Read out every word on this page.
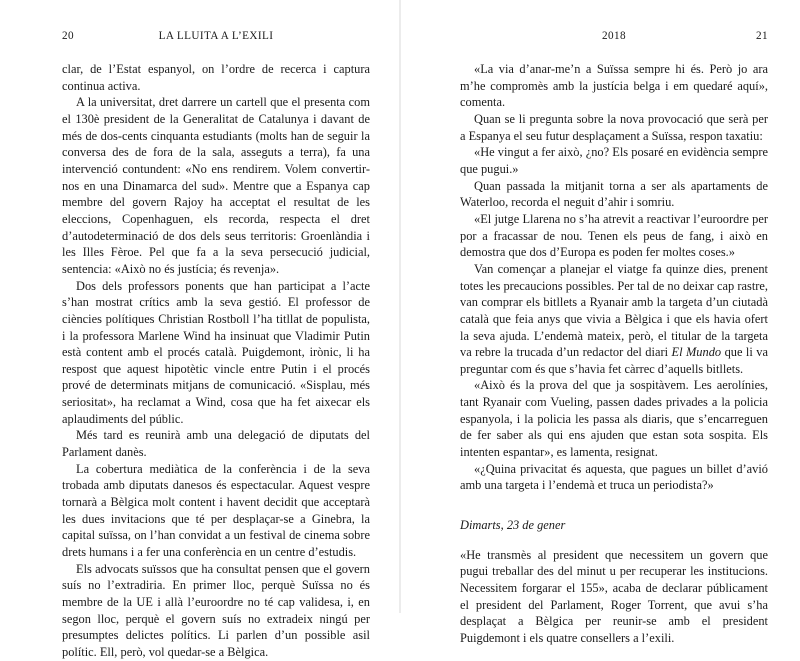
20	LA LLUITA A L’EXILI

clar, de l’Estat espanyol, on l’ordre de recerca i captura continua activa.

A la universitat, dret darrere un cartell que el presenta com el 130è president de la Generalitat de Catalunya i davant de més de dos-cents cinquanta estudiants (molts han de seguir la conversa des de fora de la sala, asseguts a terra), fa una intervenció contundent: «No ens rendirem. Volem convertir-nos en una Dinamarca del sud». Mentre que a Espanya cap membre del govern Rajoy ha acceptat el resultat de les eleccions, Copenhaguen, els recorda, respecta el dret d’autodeterminació de dos dels seus territoris: Groenlàndia i les Illes Fèroe. Pel que fa a la seva persecució judicial, sentencia: «Això no és justícia; és revenja».

Dos dels professors ponents que han participat a l’acte s’han mostrat crítics amb la seva gestió. El professor de ciències polítiques Christian Rostboll l’ha titllat de populista, i la professora Marlene Wind ha insinuat que Vladimir Putin està content amb el procés català. Puigdemont, irònic, li ha respost que aquest hipotètic vincle entre Putin i el procés prové de determinats mitjans de comunicació. «Sisplau, més seriositat», ha reclamat a Wind, cosa que ha fet aixecar els aplaudiments del públic.

Més tard es reunirà amb una delegació de diputats del Parlament danès.

La cobertura mediàtica de la conferència i de la seva trobada amb diputats danesos és espectacular. Aquest vespre tornarà a Bèlgica molt content i havent decidit que acceptarà les dues invitacions que té per desplaçar-se a Ginebra, la capital suïssa, on l’han convidat a un festival de cinema sobre drets humans i a fer una conferència en un centre d’estudis.

Els advocats suïssos que ha consultat pensen que el govern suís no l’extradiria. En primer lloc, perquè Suïssa no és membre de la UE i allà l’euroordre no té cap validesa, i, en segon lloc, perquè el govern suís no extradeix ningú per presumptes delictes polítics. Li parlen d’un possible asil polític. Ell, però, vol quedar-se a Bèlgica.

2018	21

«La via d’anar-me’n a Suïssa sempre hi és. Però jo ara m’he compromès amb la justícia belga i em quedaré aquí», comenta.

Quan se li pregunta sobre la nova provocació que serà per a Espanya el seu futur desplaçament a Suïssa, respon taxatiu:

«He vingut a fer això, ¿no? Els posaré en evidència sempre que pugui.»

Quan passada la mitjanit torna a ser als apartaments de Waterloo, recorda el neguit d’ahir i somriu.

«El jutge Llarena no s’ha atrevit a reactivar l’euroordre per por a fracassar de nou. Tenen els peus de fang, i això en demostra que dos d’Europa es poden fer moltes coses.»

Van començar a planejar el viatge fa quinze dies, prenent totes les precaucions possibles. Per tal de no deixar cap rastre, van comprar els bitllets a Ryanair amb la targeta d’un ciutadà català que feia anys que vivia a Bèlgica i que els havia ofert la seva ajuda. L’endemà mateix, però, el titular de la targeta va rebre la trucada d’un redactor del diari El Mundo que li va preguntar com és que s’havia fet càrrec d’aquells bitllets.

«Això és la prova del que ja sospitàvem. Les aerolínies, tant Ryanair com Vueling, passen dades privades a la policia espanyola, i la policia les passa als diaris, que s’encarreguen de fer saber als qui ens ajuden que estan sota sospita. Els intenten espantar», es lamenta, resignat.

«¿Quina privacitat és aquesta, que pagues un billet d’avió amb una targeta i l’endemà et truca un periodista?»

Dimarts, 23 de gener

«He transmès al president que necessitem un govern que pugui treballar des del minut u per recuperar les institucions. Necessitem forgarar el 155», acaba de declarar públicament el president del Parlament, Roger Torrent, que avui s’ha desplaçat a Bèlgica per reunir-se amb el president Puigdemont i els quatre consellers a l’exili.
